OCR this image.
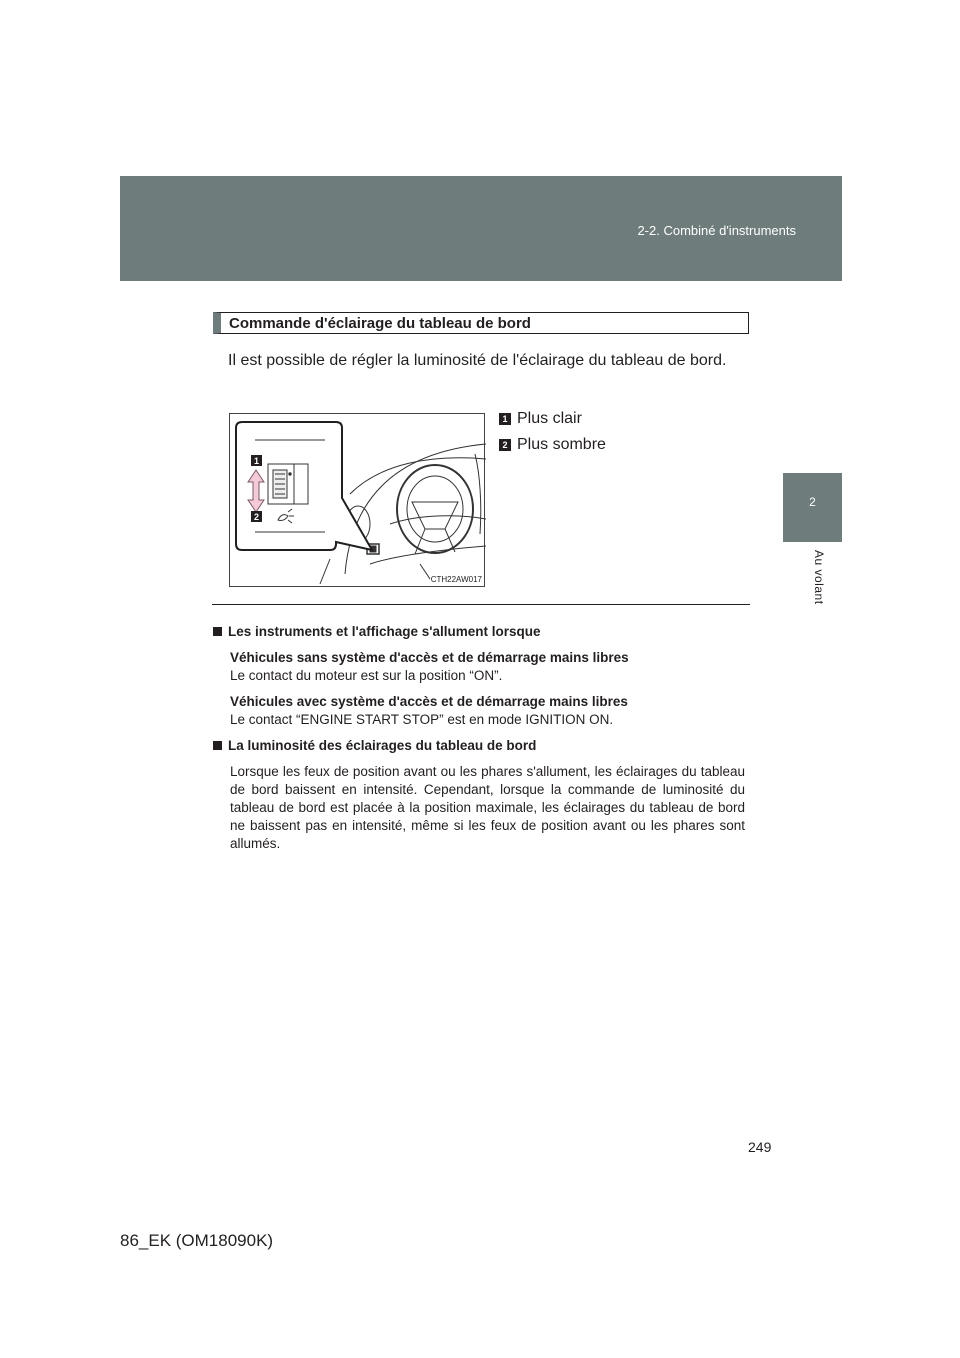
2-2. Combiné d'instruments
2
Au volant
Commande d'éclairage du tableau de bord
Il est possible de régler la luminosité de l'éclairage du tableau de bord.
1
2
CTH22AW017
1 Plus clair
2 Plus sombre
Les instruments et l'affichage s'allument lorsque
Véhicules sans système d'accès et de démarrage mains libres
Le contact du moteur est sur la position “ON”.
Véhicules avec système d'accès et de démarrage mains libres
Le contact “ENGINE START STOP” est en mode IGNITION ON.
La luminosité des éclairages du tableau de bord
Lorsque les feux de position avant ou les phares s'allument, les éclairages du tableau de bord baissent en intensité. Cependant, lorsque la commande de luminosité du tableau de bord est placée à la position maximale, les éclairages du tableau de bord ne baissent pas en intensité, même si les feux de position avant ou les phares sont allumés.
249
86_EK (OM18090K)
